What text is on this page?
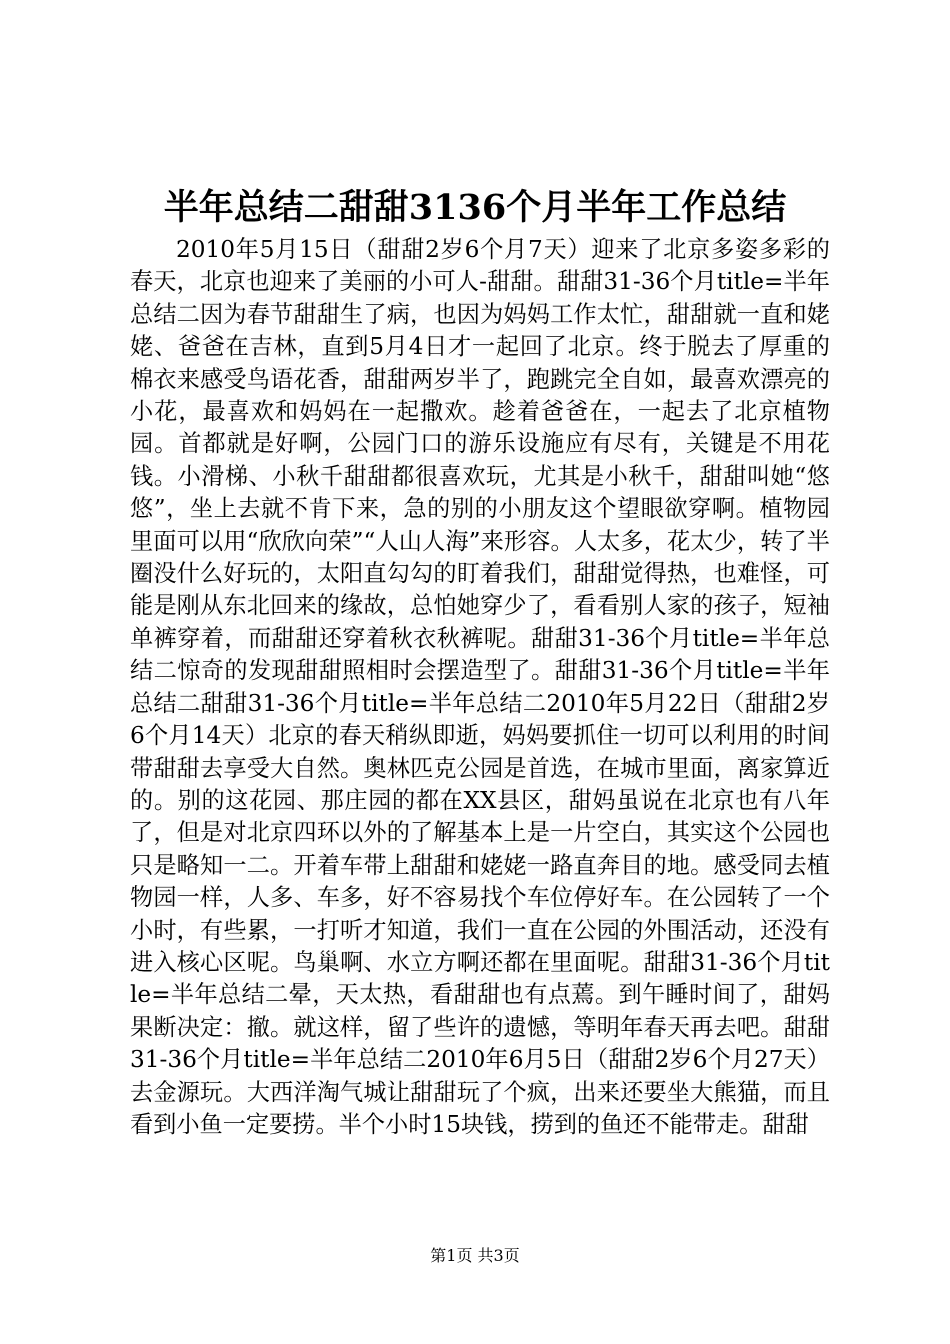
半年总结二甜甜3136个月半年工作总结

2010年5月15日（甜甜2岁6个月7天）迎来了北京多姿多彩的春天，北京也迎来了美丽的小可人-甜甜。甜甜31-36个月title=半年总结二因为春节甜甜生了病，也因为妈妈工作太忙，甜甜就一直和姥姥、爸爸在吉林，直到5月4日才一起回了北京。终于脱去了厚重的棉衣来感受鸟语花香，甜甜两岁半了，跑跳完全自如，最喜欢漂亮的小花，最喜欢和妈妈在一起撒欢。趁着爸爸在，一起去了北京植物园。首都就是好啊，公园门口的游乐设施应有尽有，关键是不用花钱。小滑梯、小秋千甜甜都很喜欢玩，尤其是小秋千，甜甜叫她“悠悠”，坐上去就不肯下来，急的别的小朋友这个望眼欲穿啊。植物园里面可以用“欣欣向荣”“人山人海”来形容。人太多，花太少，转了半圈没什么好玩的，太阳直勾勾的盯着我们，甜甜觉得热，也难怪，可能是刚从东北回来的缘故，总怕她穿少了，看看别人家的孩子，短袖单裤穿着，而甜甜还穿着秋衣秋裤呢。甜甜31-36个月title=半年总结二惊奇的发现甜甜照相时会摆造型了。甜甜31-36个月title=半年总结二甜甜31-36个月title=半年总结二2010年5月22日（甜甜2岁6个月14天）北京的春天稍纵即逝，妈妈要抓住一切可以利用的时间带甜甜去享受大自然。奥林匹克公园是首选，在城市里面，离家算近的。别的这花园、那庄园的都在XX县区，甜妈虽说在北京也有八年了，但是对北京四环以外的了解基本上是一片空白，其实这个公园也只是略知一二。开着车带上甜甜和姥姥一路直奔目的地。感受同去植物园一样，人多、车多，好不容易找个车位停好车。在公园转了一个小时，有些累，一打听才知道，我们一直在公园的外围活动，还没有进入核心区呢。鸟巢啊、水立方啊还都在里面呢。甜甜31-36个月title=半年总结二晕，天太热，看甜甜也有点蔫。到午睡时间了，甜妈果断决定：撤。就这样，留了些许的遗憾，等明年春天再去吧。甜甜31-36个月title=半年总结二2010年6月5日（甜甜2岁6个月27天）去金源玩。大西洋淘气城让甜甜玩了个疯，出来还要坐大熊猫，而且看到小鱼一定要捞。半个小时15块钱，捞到的鱼还不能带走。甜甜

第1页 共3页
